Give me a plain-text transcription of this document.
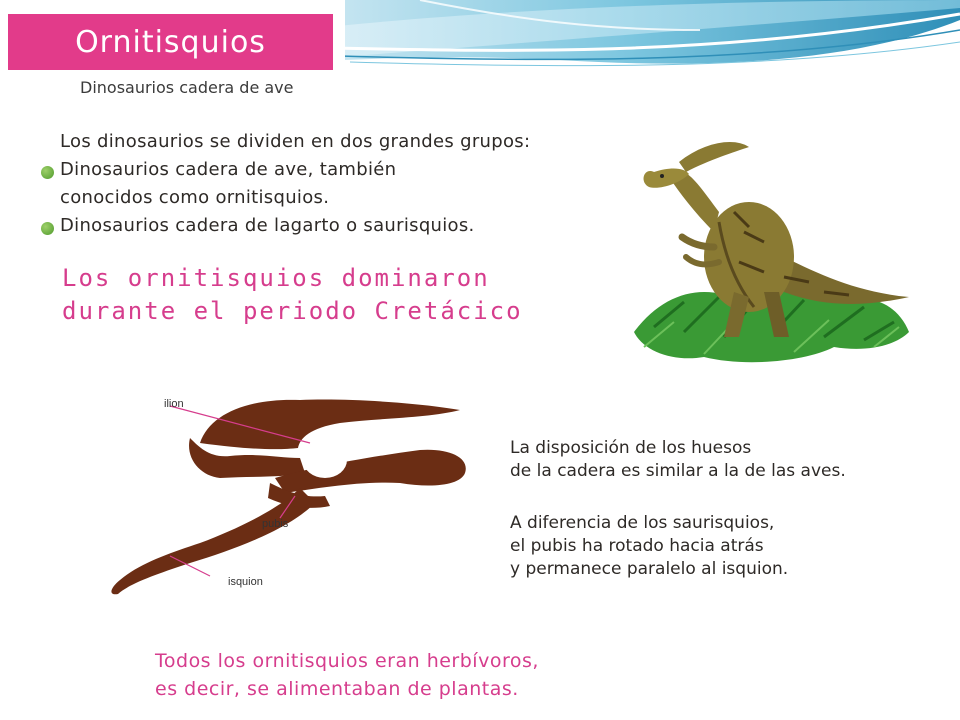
Ornitisquios
Dinosaurios cadera de ave
Los dinosaurios se dividen en dos grandes grupos:
Dinosaurios cadera de ave, también
conocidos como ornitisquios.
Dinosaurios cadera de lagarto o saurisquios.
Los ornitisquios dominaron
durante el periodo Cretácico
ilion
pubis
isquion
La disposición de los huesos
de la cadera es similar a la de las aves.
A diferencia de los saurisquios,
el pubis ha rotado hacia atrás
y permanece paralelo al isquion.
Todos los ornitisquios eran herbívoros,
es decir, se alimentaban de plantas.
